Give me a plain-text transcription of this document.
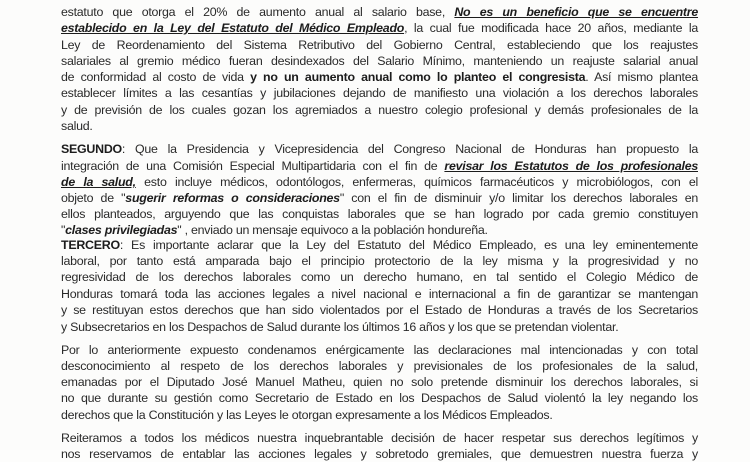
estatuto que otorga el 20% de aumento anual al salario base, No es un beneficio que se encuentre
establecido en la Ley del Estatuto del Médico Empleado, la cual fue modificada hace 20 años, mediante la
Ley de Reordenamiento del Sistema Retributivo del Gobierno Central, estableciendo que los reajustes
salariales al gremio médico fueran desindexados del Salario Mínimo, manteniendo un reajuste salarial anual
de conformidad al costo de vida y no un aumento anual como lo planteo el congresista. Así mismo plantea
establecer límites a las cesantías y jubilaciones dejando de manifiesto una violación a los derechos laborales
y de previsión de los cuales gozan los agremiados a nuestro colegio profesional y demás profesionales de la
salud.
SEGUNDO: Que la Presidencia y Vicepresidencia del Congreso Nacional de Honduras han propuesto la
integración de una Comisión Especial Multipartidaria con el fin de revisar los Estatutos de los profesionales
de la salud, esto incluye médicos, odontólogos, enfermeras, químicos farmacéuticos y microbiólogos, con el
objeto de "sugerir reformas o consideraciones" con el fin de disminuir y/o limitar los derechos laborales en
ellos planteados, arguyendo que las conquistas laborales que se han logrado por cada gremio constituyen
"clases privilegiadas" , enviado un mensaje equivoco a la población hondureña.
TERCERO: Es importante aclarar que la Ley del Estatuto del Médico Empleado, es una ley eminentemente
laboral, por tanto está amparada bajo el principio protectorio de la ley misma y la progresividad y no
regresividad de los derechos laborales como un derecho humano, en tal sentido el Colegio Médico de
Honduras tomará toda las acciones legales a nivel nacional e internacional a fin de garantizar se mantengan
y se restituyan estos derechos que han sido violentados por el Estado de Honduras a través de los Secretarios
y Subsecretarios en los Despachos de Salud durante los últimos 16 años y los que se pretendan violentar.
Por lo anteriormente expuesto condenamos enérgicamente las declaraciones mal intencionadas y con total
desconocimiento al respeto de los derechos laborales y previsionales de los profesionales de la salud,
emanadas por el Diputado José Manuel Matheu, quien no solo pretende disminuir los derechos laborales, si
no que durante su gestión como Secretario de Estado en los Despachos de Salud violentó la ley negando los
derechos que la Constitución y las Leyes le otorgan expresamente a los Médicos Empleados.
Reiteramos a todos los médicos nuestra inquebrantable decisión de hacer respetar sus derechos legítimos y
nos reservamos de entablar las acciones legales y sobretodo gremiales, que demuestren nuestra fuerza y
